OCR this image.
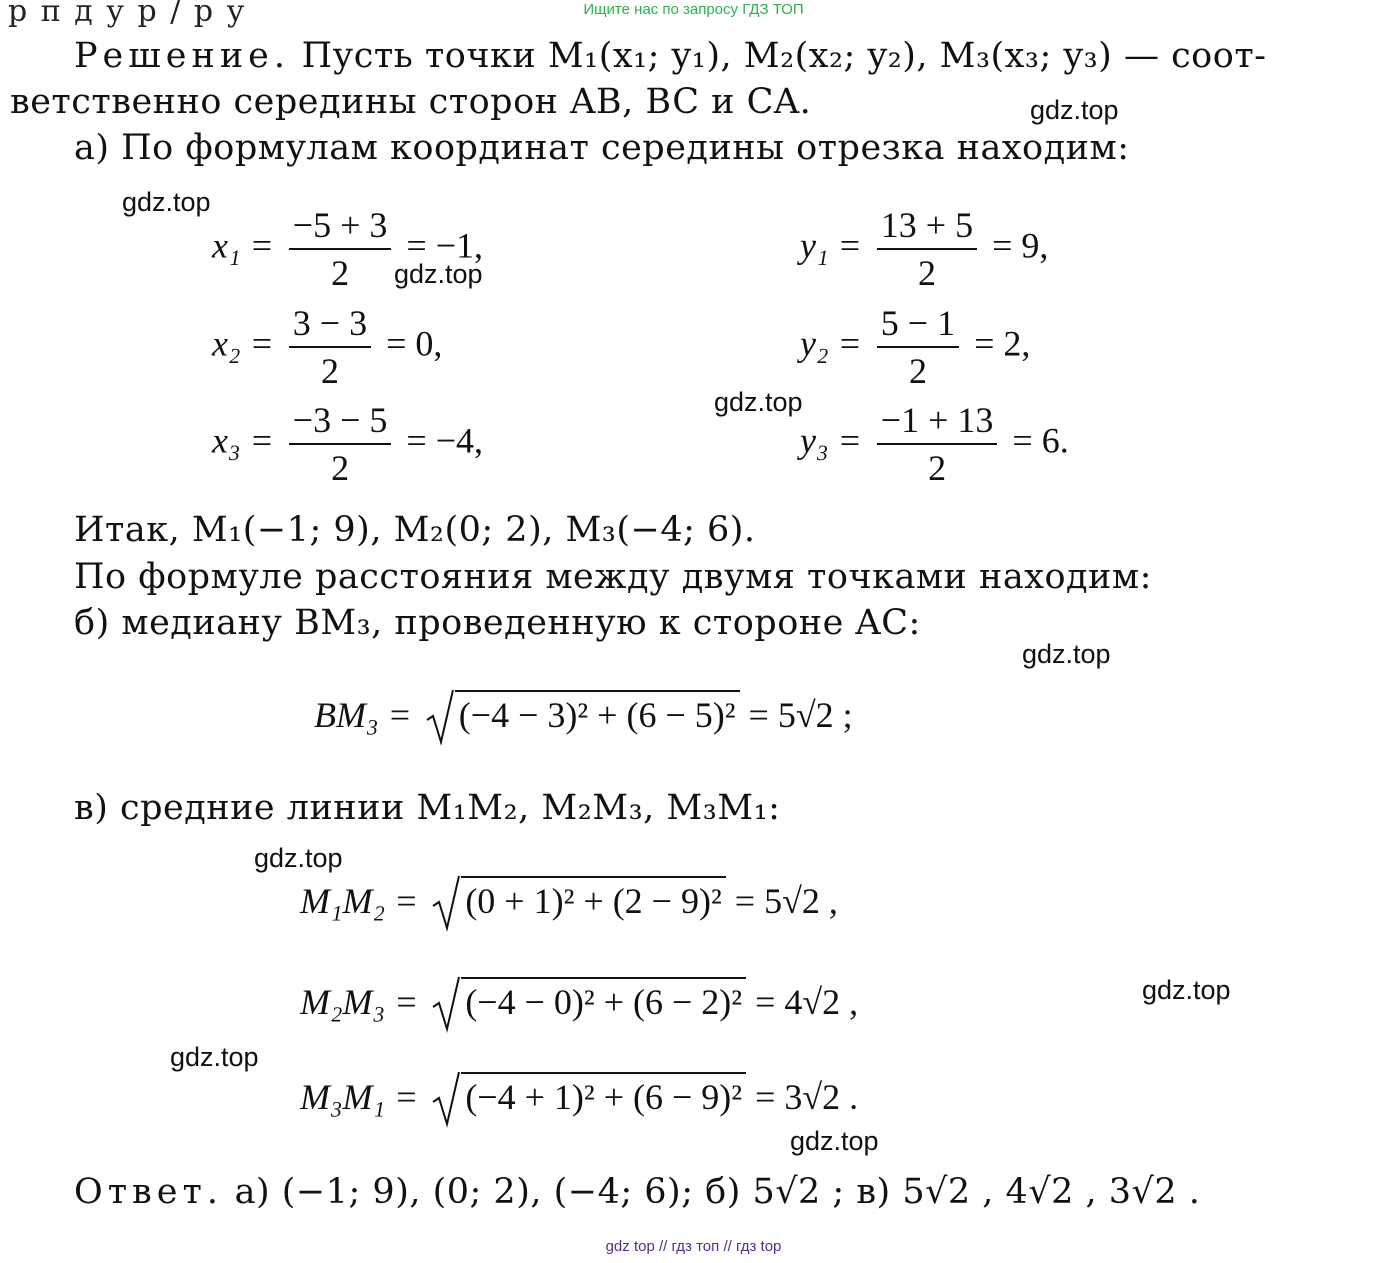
Ищите нас по запросу ГДЗ ТОП
р п д у р / р у
Решение. Пусть точки M₁(x₁; y₁), M₂(x₂; y₂), M₃(x₃; y₃) — соот-
ветственно середины сторон AB, BC и CA.
а) По формулам координат середины отрезка находим:
$x_1 = \frac{-5 + 3}{2} = -1$,
$x_2 = \frac{3 - 3}{2} = 0$,
$x_3 = \frac{-3 - 5}{2} = -4$,
$y_1 = \frac{13 + 5}{2} = 9$,
$y_2 = \frac{5 - 1}{2} = 2$,
$y_3 = \frac{-1 + 13}{2} = 6$.
Итак, M₁(−1; 9), M₂(0; 2), M₃(−4; 6).
По формуле расстояния между двумя точками находим:
б) медиану BM₃, проведенную к стороне AC:
BM₃ = (−4 − 3)² + (6 − 5)² = 5√2 ;
в) средние линии M₁M₂, M₂M₃, M₃M₁:
M₁M₂ = (0 + 1)² + (2 − 9)² = 5√2 ,
M₂M₃ = (−4 − 0)² + (6 − 2)² = 4√2 ,
M₃M₁ = (−4 + 1)² + (6 − 9)² = 3√2 .
Ответ. а) (−1; 9), (0; 2), (−4; 6); б) 5√2 ; в) 5√2 , 4√2 , 3√2 .
gdz.top
gdz.top
gdz.top
gdz.top
gdz.top
gdz.top
gdz.top
gdz.top
gdz.top
gdz top // гдз топ // гдз top
